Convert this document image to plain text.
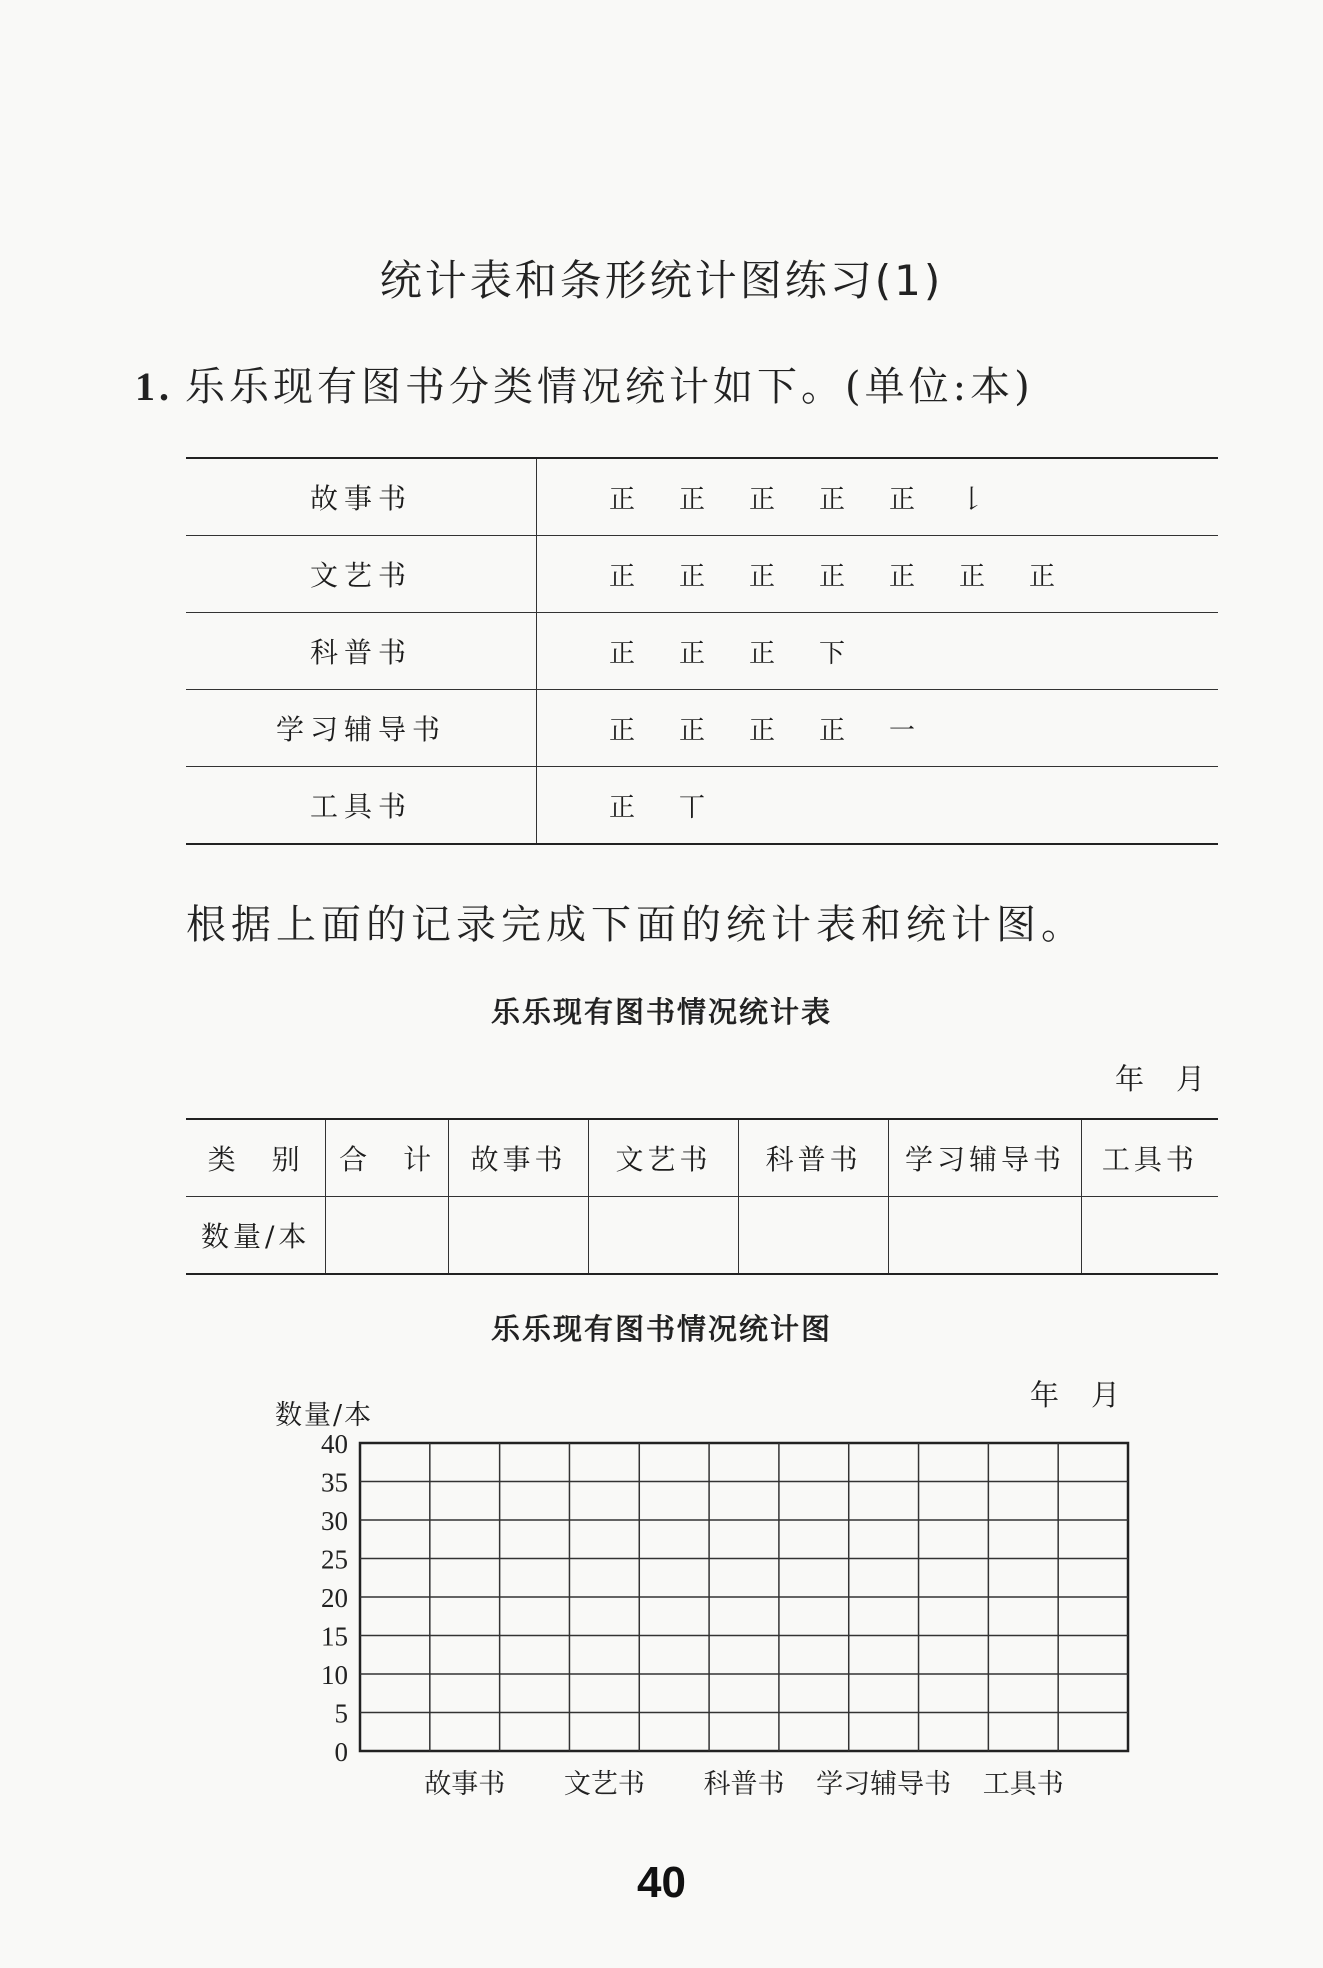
统计表和条形统计图练习(1)
1. 乐乐现有图书分类情况统计如下。(单位:本)
故事书	正 正 正 正 正 𠄌
文艺书	正 正 正 正 正 正 正
科普书	正 正 正 下
学习辅导书	正 正 正 正 一
工具书	正 丅
根据上面的记录完成下面的统计表和统计图。
乐乐现有图书情况统计表
年 月
类　别	合　计	故事书	文艺书	科普书	学习辅导书	工具书
数量/本						
乐乐现有图书情况统计图
年 月
数量/本
0
5
10
15
20
25
30
35
40
故事书 文艺书 科普书 学习辅导书 工具书
40
